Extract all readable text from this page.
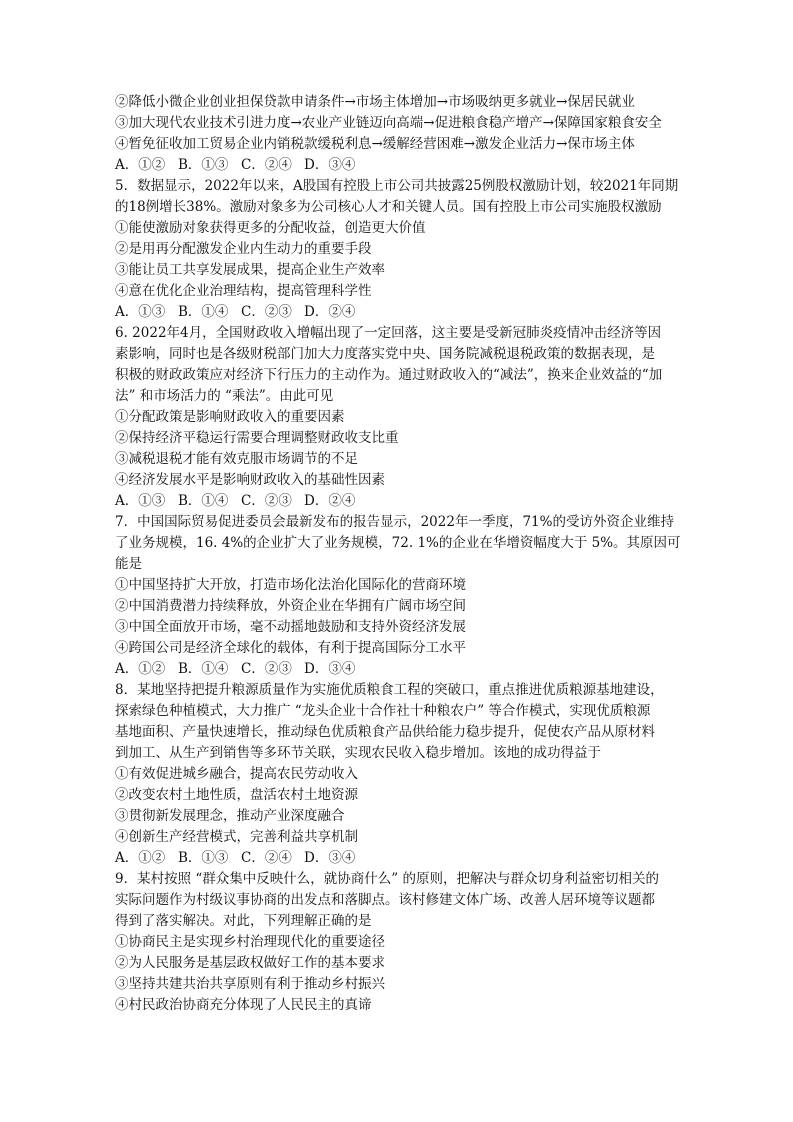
②降低小微企业创业担保贷款申请条件→市场主体增加→市场吸纳更多就业→保居民就业
③加大现代农业技术引进力度→农业产业链迈向高端→促进粮食稳产增产→保障国家粮食安全
④暂免征收加工贸易企业内销税款缓税利息→缓解经营困难→激发企业活力→保市场主体
A．①② B．①③ C．②④ D．③④
5．数据显示，2022年以来，A股国有控股上市公司共披露25例股权激励计划，较2021年同期
的18例增长38%。激励对象多为公司核心人才和关键人员。国有控股上市公司实施股权激励
①能使激励对象获得更多的分配收益，创造更大价值
②是用再分配激发企业内生动力的重要手段
③能让员工共享发展成果，提高企业生产效率
④意在优化企业治理结构，提高管理科学性
A．①③ B．①④ C．②③ D．②④
6. 2022年4月，全国财政收入增幅出现了一定回落，这主要是受新冠肺炎疫情冲击经济等因
素影响，同时也是各级财税部门加大力度落实党中央、国务院减税退税政策的数据表现，是
积极的财政政策应对经济下行压力的主动作为。通过财政收入的“减法”，换来企业效益的“加
法” 和市场活力的 “乘法”。由此可见
①分配政策是影响财政收入的重要因素
②保持经济平稳运行需要合理调整财政收支比重
③减税退税才能有效克服市场调节的不足
④经济发展水平是影响财政收入的基础性因素
A．①③ B．①④ C．②③ D．②④
7．中国国际贸易促进委员会最新发布的报告显示，2022年一季度，71%的受访外资企业维持
了业务规模，16. 4%的企业扩大了业务规模，72. 1%的企业在华增资幅度大于 5%。其原因可
能是
①中国坚持扩大开放，打造市场化法治化国际化的营商环境
②中国消费潜力持续释放，外资企业在华拥有广阔市场空间
③中国全面放开市场，毫不动摇地鼓励和支持外资经济发展
④跨国公司是经济全球化的载体，有利于提高国际分工水平
A．①② B．①④ C．②③ D．③④
8．某地坚持把提升粮源质量作为实施优质粮食工程的突破口，重点推进优质粮源基地建设，
探索绿色种植模式，大力推广 “龙头企业十合作社十种粮农户” 等合作模式，实现优质粮源
基地面积、产量快速增长，推动绿色优质粮食产品供给能力稳步提升，促使农产品从原材料
到加工、从生产到销售等多环节关联，实现农民收入稳步增加。该地的成功得益于
①有效促进城乡融合，提高农民劳动收入
②改变农村土地性质，盘活农村土地资源
③贯彻新发展理念，推动产业深度融合
④创新生产经营模式，完善利益共享机制
A．①② B．①③ C．②④ D．③④
9．某村按照 “群众集中反映什么，就协商什么” 的原则，把解决与群众切身利益密切相关的
实际问题作为村级议事协商的出发点和落脚点。该村修建文体广场、改善人居环境等议题都
得到了落实解决。对此，下列理解正确的是
①协商民主是实现乡村治理现代化的重要途径
②为人民服务是基层政权做好工作的基本要求
③坚持共建共治共享原则有利于推动乡村振兴
④村民政治协商充分体现了人民民主的真谛
